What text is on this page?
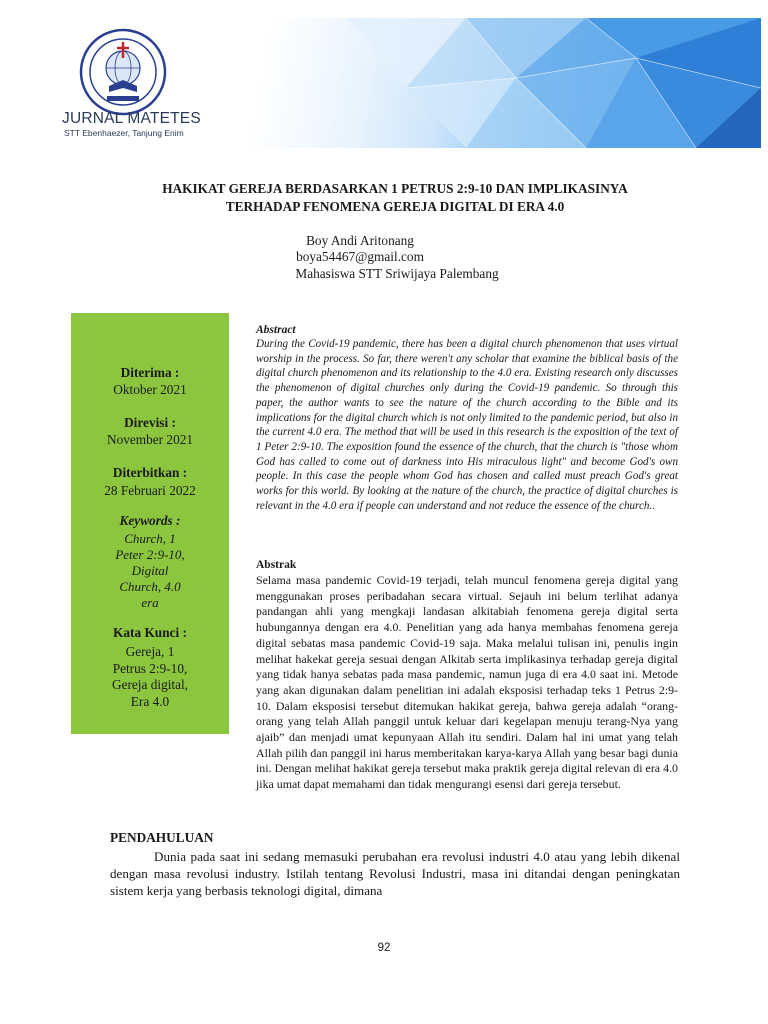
JURNAL MATETES
STT Ebenhaezer, Tanjung Enim
HAKIKAT GEREJA BERDASARKAN 1 PETRUS 2:9-10 DAN IMPLIKASINYA
TERHADAP FENOMENA GEREJA DIGITAL DI ERA 4.0
Boy Andi Aritonang
boya54467@gmail.com
Mahasiswa STT Sriwijaya Palembang
Diterima :
Oktober 2021
Direvisi :
November 2021
Diterbitkan :
28 Februari 2022
Keywords :
Church, 1
Peter 2:9-10,
Digital
Church, 4.0
era
Kata Kunci :
Gereja, 1
Petrus 2:9-10,
Gereja digital,
Era 4.0
Abstract
During the Covid-19 pandemic, there has been a digital church phenomenon that uses virtual worship in the process. So far, there weren't any scholar that examine the biblical basis of the digital church phenomenon and its relationship to the 4.0 era. Existing research only discusses the phenomenon of digital churches only during the Covid-19 pandemic. So through this paper, the author wants to see the nature of the church according to the Bible and its implications for the digital church which is not only limited to the pandemic period, but also in the current 4.0 era. The method that will be used in this research is the exposition of the text of 1 Peter 2:9-10. The exposition found the essence of the church, that the church is "those whom God has called to come out of darkness into His miraculous light" and become God's own people. In this case the people whom God has chosen and called must preach God's great works for this world. By looking at the nature of the church, the practice of digital churches is relevant in the 4.0 era if people can understand and not reduce the essence of the church..
Abstrak
Selama masa pandemic Covid-19 terjadi, telah muncul fenomena gereja digital yang menggunakan proses peribadahan secara virtual. Sejauh ini belum terlihat adanya pandangan ahli yang mengkaji landasan alkitabiah fenomena gereja digital serta hubungannya dengan era 4.0. Penelitian yang ada hanya membahas fenomena gereja digital sebatas masa pandemic Covid-19 saja. Maka melalui tulisan ini, penulis ingin melihat hakekat gereja sesuai dengan Alkitab serta implikasinya terhadap gereja digital yang tidak hanya sebatas pada masa pandemic, namun juga di era 4.0 saat ini. Metode yang akan digunakan dalam penelitian ini adalah eksposisi terhadap teks 1 Petrus 2:9-10. Dalam eksposisi tersebut ditemukan hakikat gereja, bahwa gereja adalah “orang-orang yang telah Allah panggil untuk keluar dari kegelapan menuju terang-Nya yang ajaib” dan menjadi umat kepunyaan Allah itu sendiri. Dalam hal ini umat yang telah Allah pilih dan panggil ini harus memberitakan karya-karya Allah yang besar bagi dunia ini. Dengan melihat hakikat gereja tersebut maka praktik gereja digital relevan di era 4.0 jika umat dapat memahami dan tidak mengurangi esensi dari gereja tersebut.
PENDAHULUAN
Dunia pada saat ini sedang memasuki perubahan era revolusi industri 4.0 atau yang lebih dikenal dengan masa revolusi industry. Istilah tentang Revolusi Industri, masa ini ditandai dengan peningkatan sistem kerja yang berbasis teknologi digital, dimana
92
